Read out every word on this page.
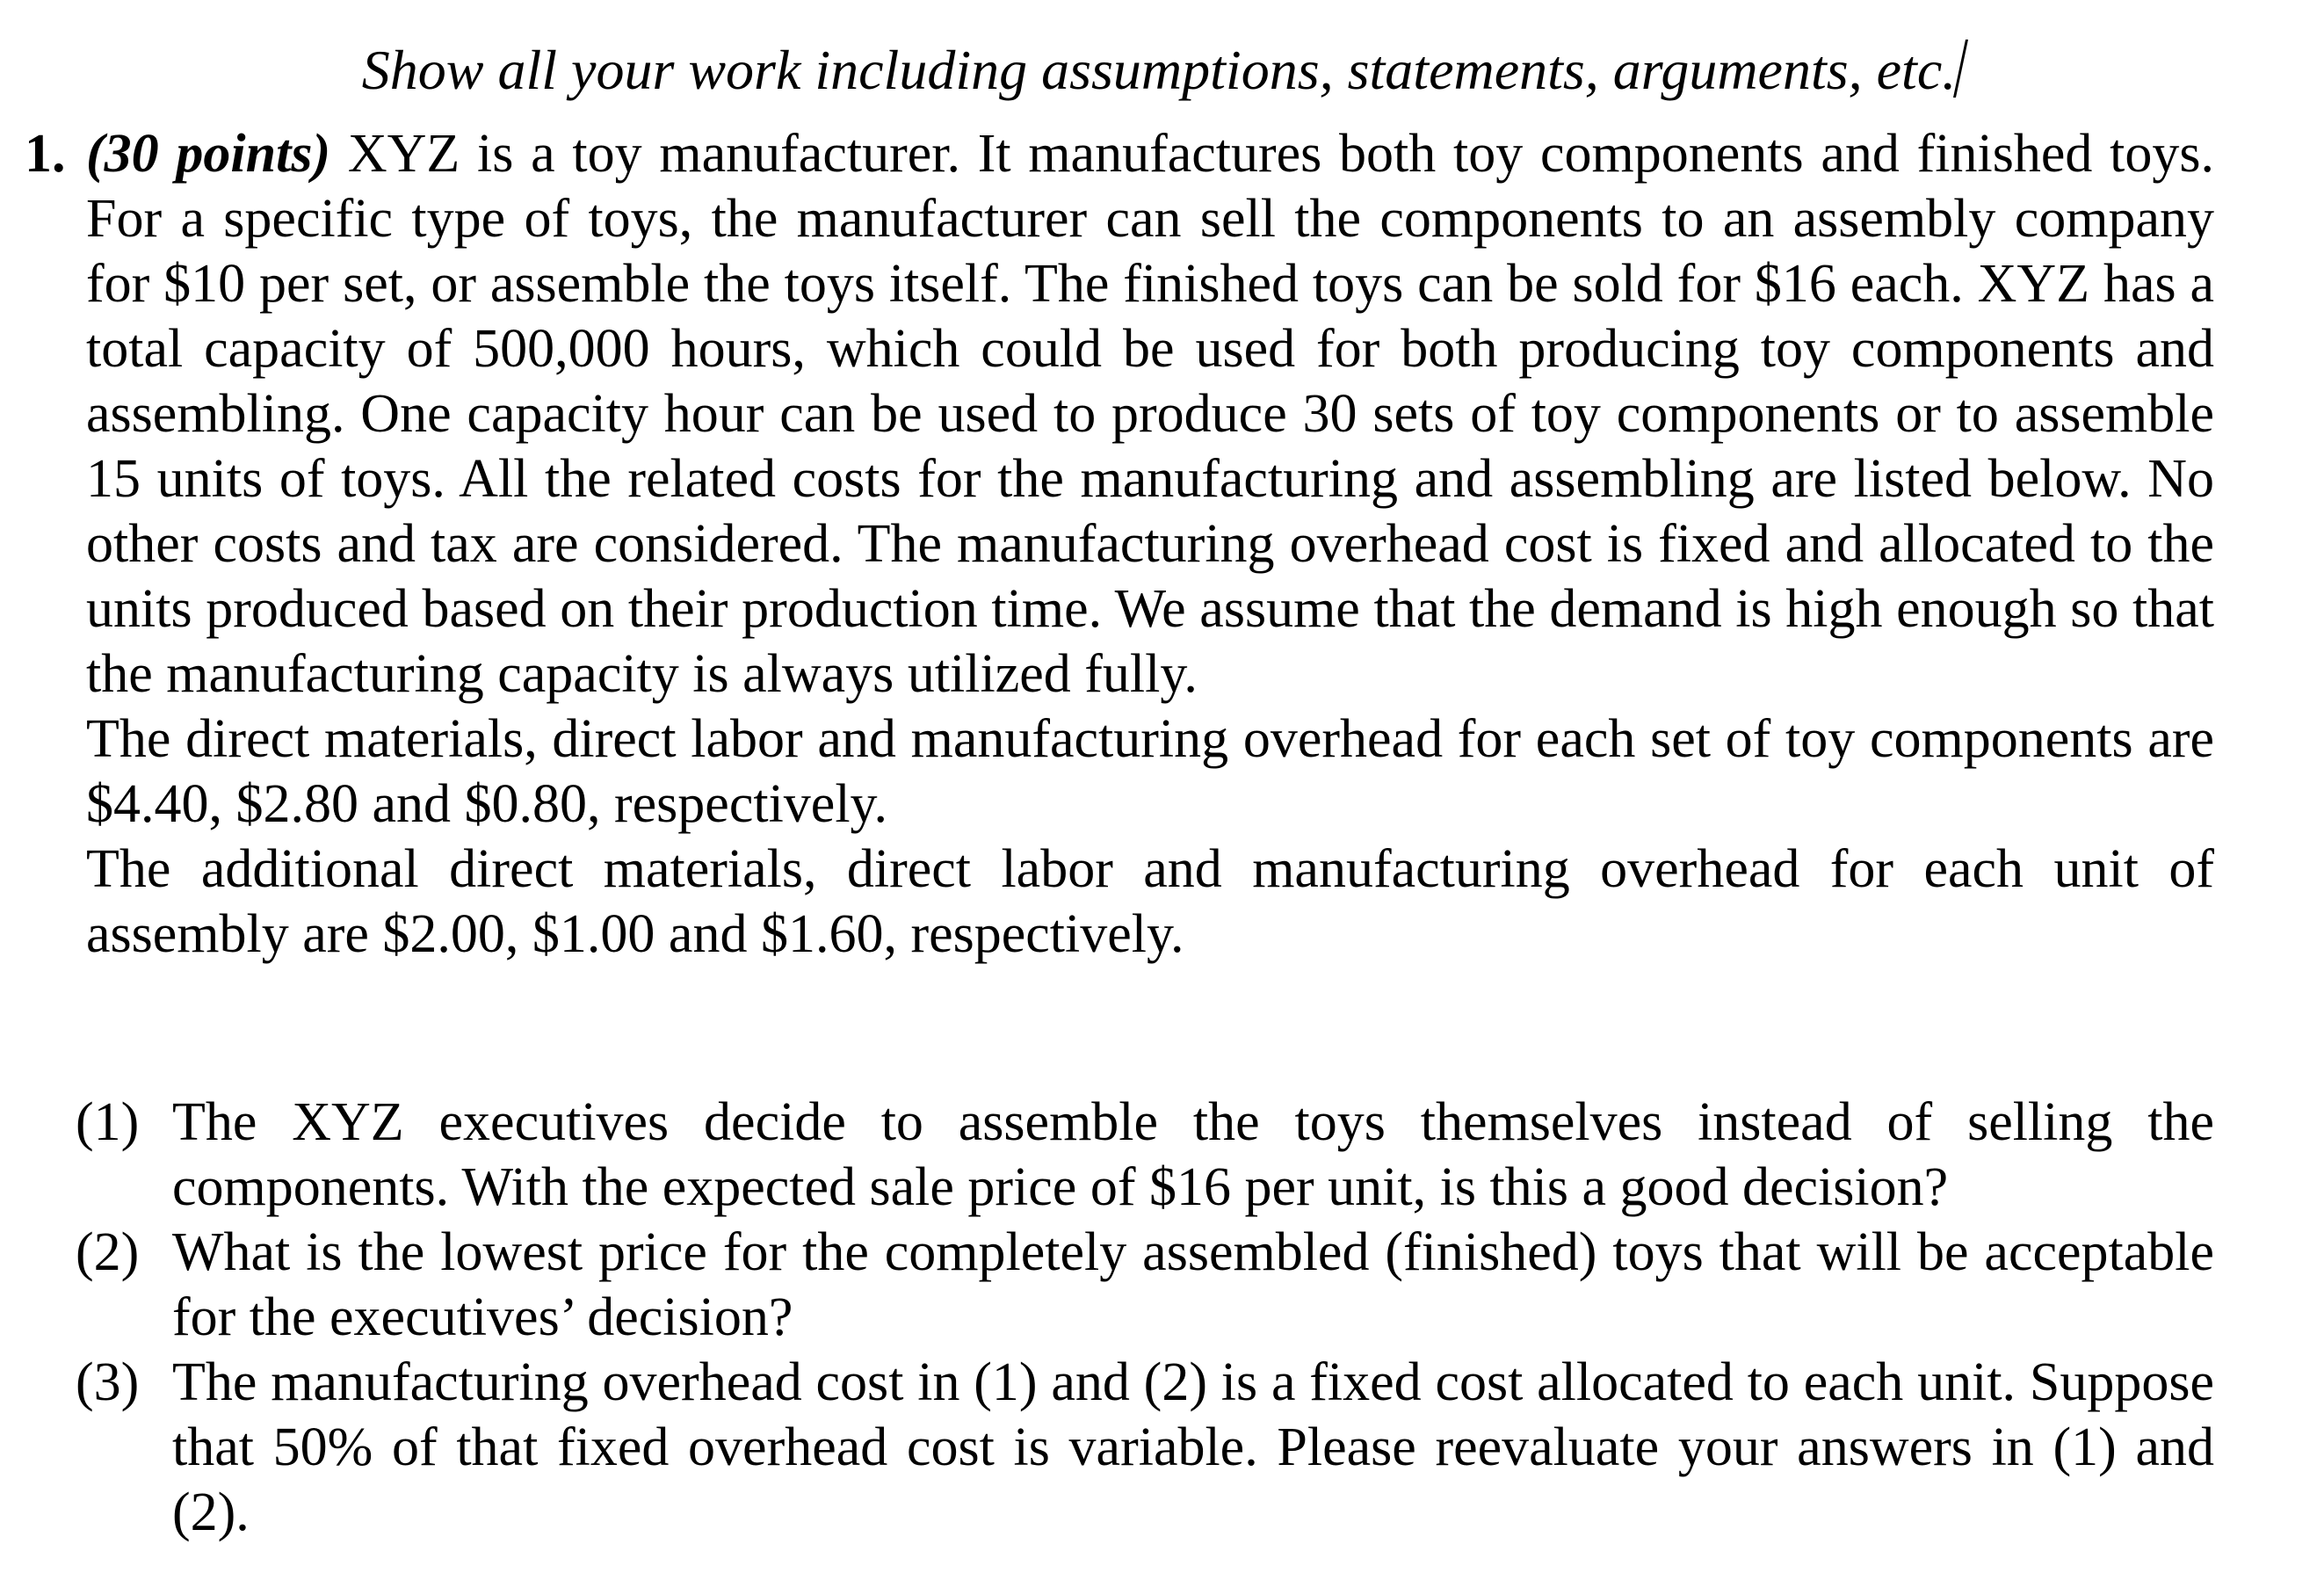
Show all your work including assumptions, statements, arguments, etc.
1. (30 points) XYZ is a toy manufacturer. It manufactures both toy components and finished toys. For a specific type of toys, the manufacturer can sell the components to an assembly company for $10 per set, or assemble the toys itself. The finished toys can be sold for $16 each. XYZ has a total capacity of 500,000 hours, which could be used for both producing toy components and assembling. One capacity hour can be used to produce 30 sets of toy components or to assemble 15 units of toys. All the related costs for the manufacturing and assembling are listed below. No other costs and tax are considered. The manufacturing overhead cost is fixed and allocated to the units produced based on their production time. We assume that the demand is high enough so that the manufacturing capacity is always utilized fully.

The direct materials, direct labor and manufacturing overhead for each set of toy components are $4.40, $2.80 and $0.80, respectively.

The additional direct materials, direct labor and manufacturing overhead for each unit of assembly are $2.00, $1.00 and $1.60, respectively.

(1) The XYZ executives decide to assemble the toys themselves instead of selling the components. With the expected sale price of $16 per unit, is this a good decision?

(2) What is the lowest price for the completely assembled (finished) toys that will be acceptable for the executives’ decision?

(3) The manufacturing overhead cost in (1) and (2) is a fixed cost allocated to each unit. Suppose that 50% of that fixed overhead cost is variable. Please reevaluate your answers in (1) and (2).
